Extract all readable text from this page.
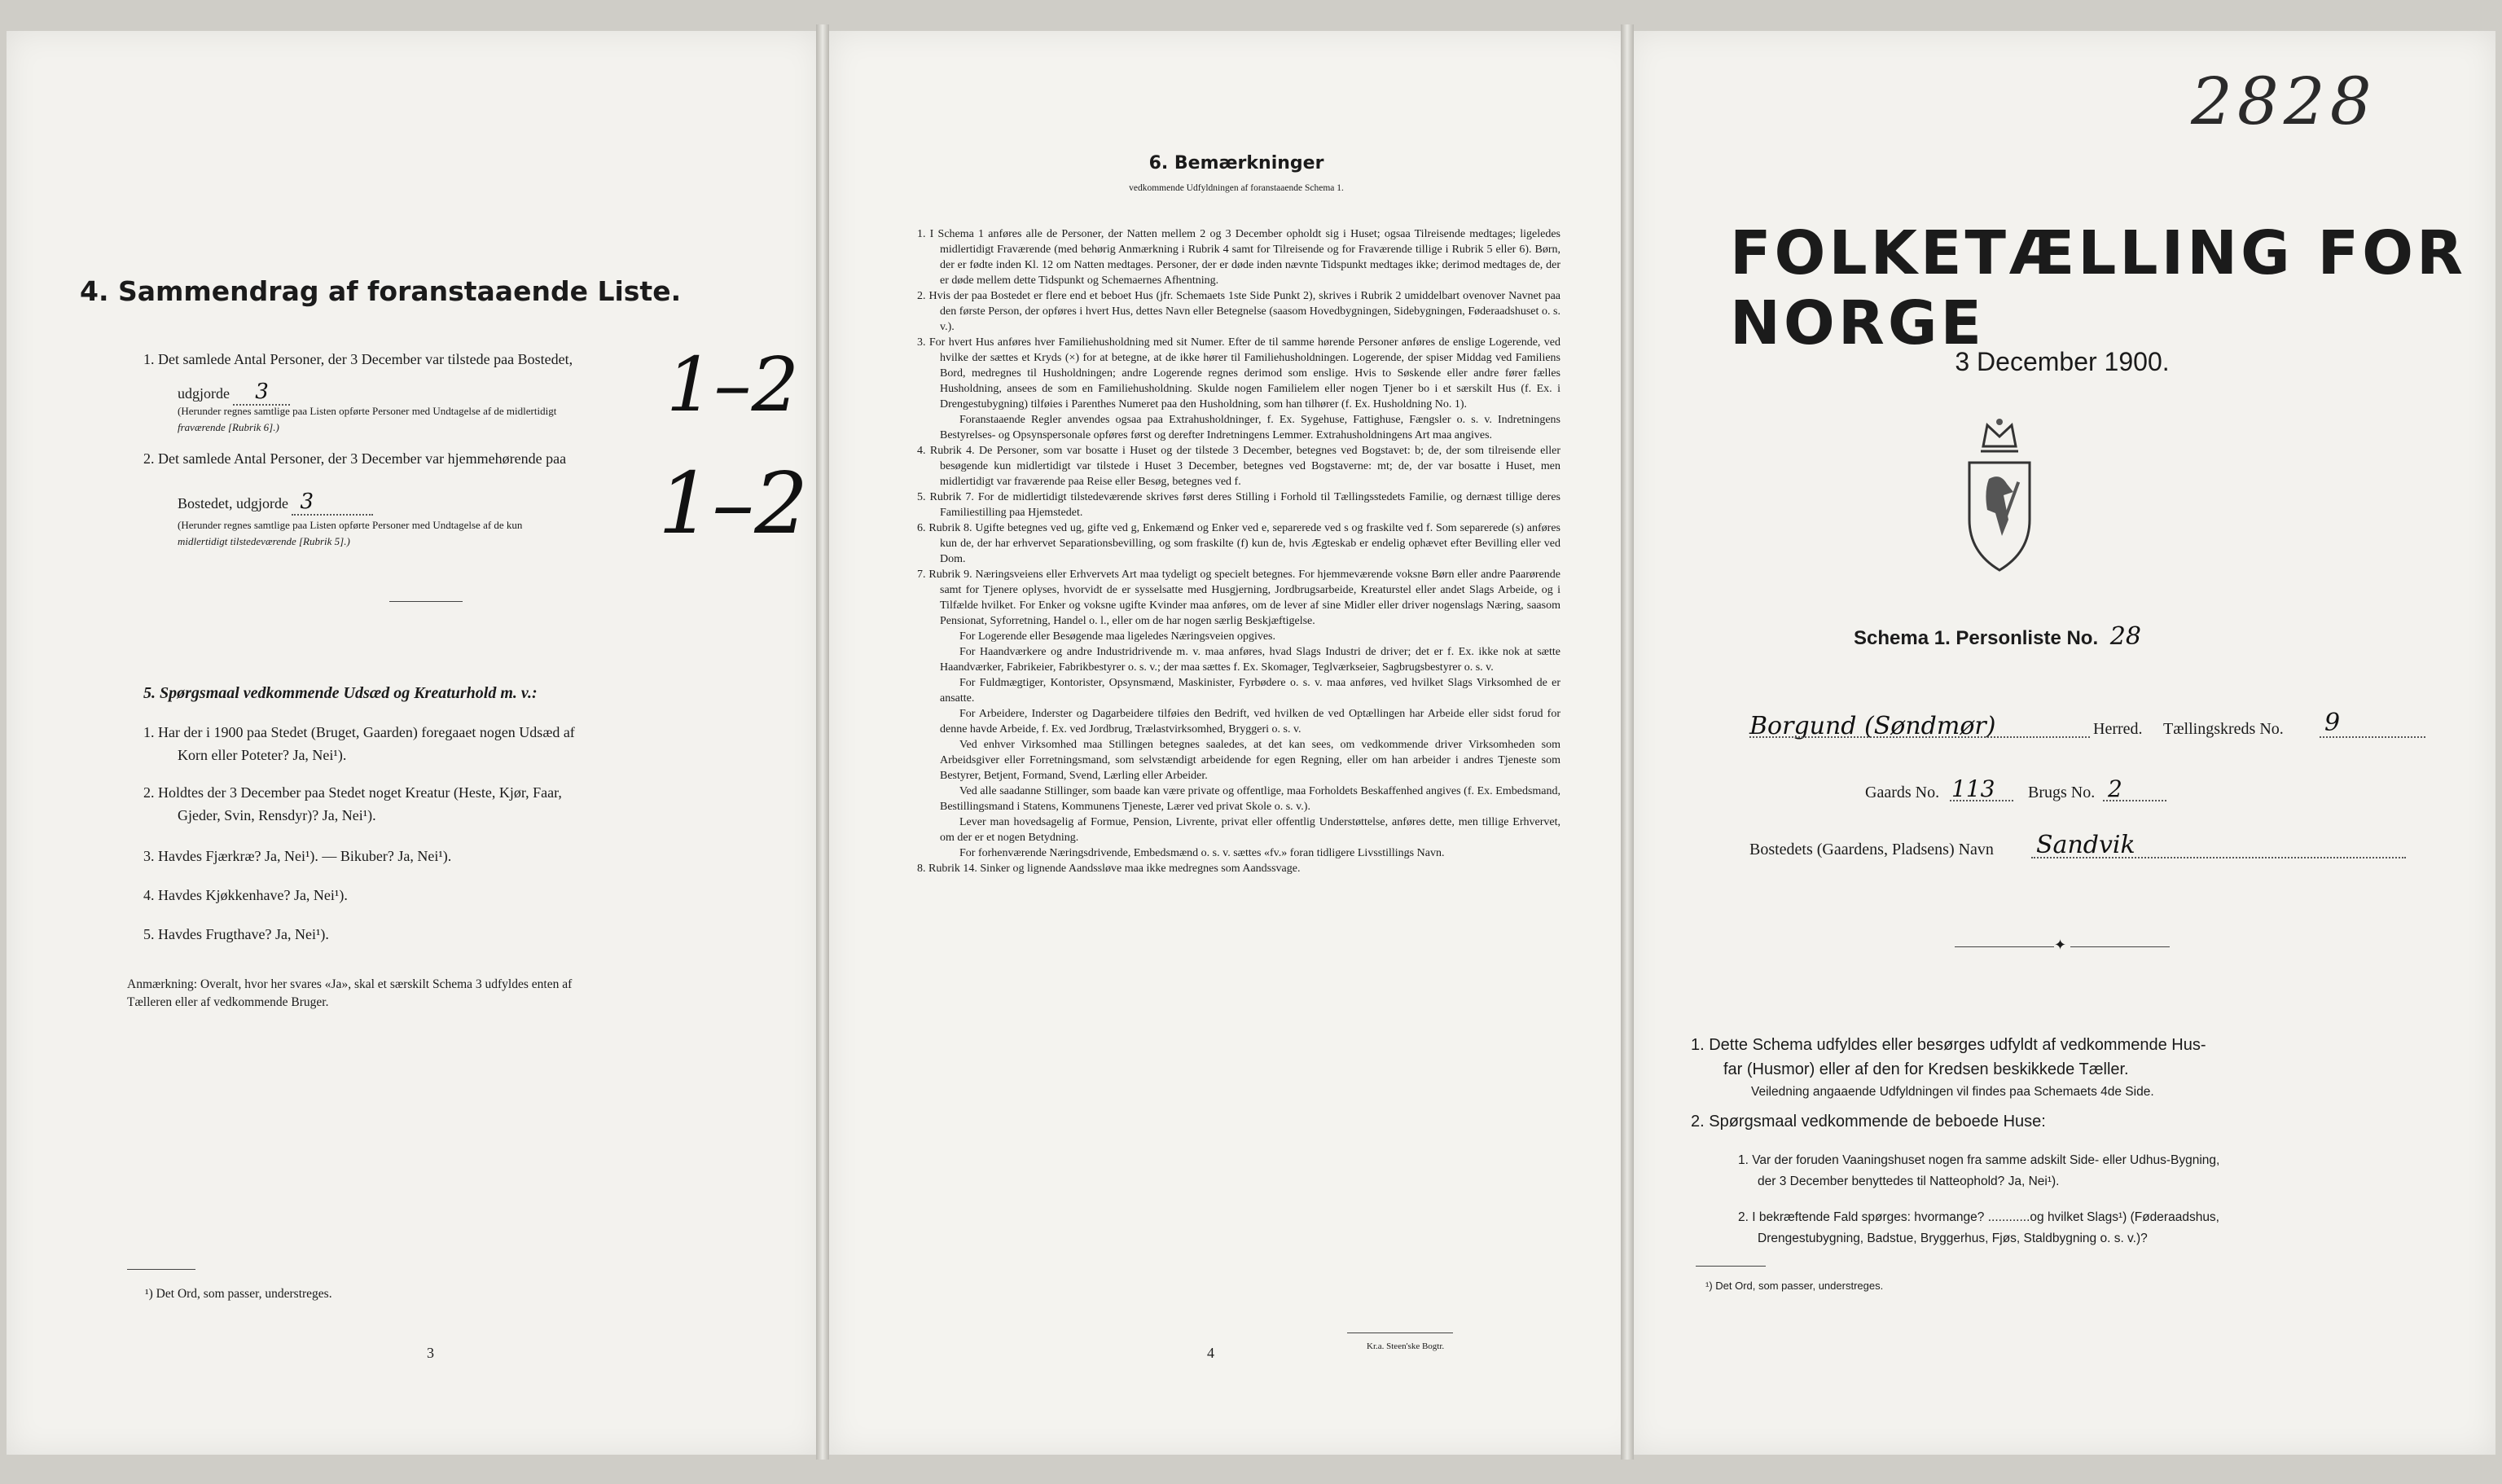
4. Sammendrag af foranstaaende Liste.
1. Det samlede Antal Personer, der 3 December var tilstede paa Bostedet,
udgjorde 3
(Herunder regnes samtlige paa Listen opførte Personer med Undtagelse af de midlertidigt
fraværende [Rubrik 6].)	1–2
2. Det samlede Antal Personer, der 3 December var hjemmehørende paa
Bostedet, udgjorde 3
(Herunder regnes samtlige paa Listen opførte Personer med Undtagelse af de kun
midlertidigt tilstedeværende [Rubrik 5].)	1–2
5. Spørgsmaal vedkommende Udsæd og Kreaturhold m. v.:
1. Har der i 1900 paa Stedet (Bruget, Gaarden) foregaaet nogen Udsæd af
Korn eller Poteter? Ja, Nei¹).
2. Holdtes der 3 December paa Stedet noget Kreatur (Heste, Kjør, Faar,
Gjeder, Svin, Rensdyr)? Ja, Nei¹).
3. Havdes Fjærkræ? Ja, Nei¹). — Bikuber? Ja, Nei¹).
4. Havdes Kjøkkenhave? Ja, Nei¹).
5. Havdes Frugthave? Ja, Nei¹).
Anmærkning: Overalt, hvor her svares «Ja», skal et særskilt Schema 3 udfyldes enten af
Tælleren eller af vedkommende Bruger.
¹) Det Ord, som passer, understreges.
3
6. Bemærkninger
vedkommende Udfyldningen af foranstaaende Schema 1.

1. I Schema 1 anføres alle de Personer, der Natten mellem 2 og 3 December opholdt sig i Huset; ogsaa Tilreisende medtages; ligeledes midlertidigt Fraværende (med behørig Anmærkning i Rubrik 4 samt for Tilreisende og for Fraværende tillige i Rubrik 5 eller 6). Børn, der er fødte inden Kl. 12 om Natten medtages. Personer, der er døde inden nævnte Tidspunkt medtages ikke; derimod medtages de, der er døde mellem dette Tidspunkt og Schemaernes Afhentning.

2. Hvis der paa Bostedet er flere end et beboet Hus (jfr. Schemaets 1ste Side Punkt 2), skrives i Rubrik 2 umiddelbart ovenover Navnet paa den første Person, der opføres i hvert Hus, dettes Navn eller Betegnelse (saasom Hovedbygningen, Sidebygningen, Føderaadshuset o. s. v.).

3. For hvert Hus anføres hver Familiehusholdning med sit Numer. Efter de til samme hørende Personer anføres de enslige Logerende, ved hvilke der sættes et Kryds (×) for at betegne, at de ikke hører til Familiehusholdningen. Logerende, der spiser Middag ved Familiens Bord, medregnes til Husholdningen; andre Logerende regnes derimod som enslige. Hvis to Søskende eller andre fører fælles Husholdning, ansees de som en Familiehusholdning. Skulde nogen Familielem eller nogen Tjener bo i et særskilt Hus (f. Ex. i Drengestubygning) tilføies i Parenthes Numeret paa den Husholdning, som han tilhører (f. Ex. Husholdning No. 1).

Foranstaaende Regler anvendes ogsaa paa Extrahusholdninger, f. Ex. Sygehuse, Fattighuse, Fængsler o. s. v. Indretningens Bestyrelses- og Opsynspersonale opføres først og derefter Indretningens Lemmer. Extrahusholdningens Art maa angives.

4. Rubrik 4. De Personer, som var bosatte i Huset og der tilstede 3 December, betegnes ved Bogstavet: b; de, der som tilreisende eller besøgende kun midlertidigt var tilstede i Huset 3 December, betegnes ved Bogstaverne: mt; de, der var bosatte i Huset, men midlertidigt var fraværende paa Reise eller Besøg, betegnes ved f.

5. Rubrik 7. For de midlertidigt tilstedeværende skrives først deres Stilling i Forhold til Tællingsstedets Familie, og dernæst tillige deres Familiestilling paa Hjemstedet.

6. Rubrik 8. Ugifte betegnes ved ug, gifte ved g, Enkemænd og Enker ved e, separerede ved s og fraskilte ved f. Som separerede (s) anføres kun de, der har erhvervet Separationsbevilling, og som fraskilte (f) kun de, hvis Ægteskab er endelig ophævet efter Bevilling eller ved Dom.

7. Rubrik 9. Næringsveiens eller Erhvervets Art maa tydeligt og specielt betegnes. For hjemmeværende voksne Børn eller andre Paarørende samt for Tjenere oplyses, hvorvidt de er sysselsatte med Husgjerning, Jordbrugsarbeide, Kreaturstel eller andet Slags Arbeide, og i Tilfælde hvilket. For Enker og voksne ugifte Kvinder maa anføres, om de lever af sine Midler eller driver nogenslags Næring, saasom Pensionat, Syforretning, Handel o. l., eller om de har nogen særlig Beskjæftigelse.

For Logerende eller Besøgende maa ligeledes Næringsveien opgives.

For Haandværkere og andre Industridrivende m. v. maa anføres, hvad Slags Industri de driver; det er f. Ex. ikke nok at sætte Haandværker, Fabrikeier, Fabrikbestyrer o. s. v.; der maa sættes f. Ex. Skomager, Teglværkseier, Sagbrugsbestyrer o. s. v.

For Fuldmægtiger, Kontorister, Opsynsmænd, Maskinister, Fyrbødere o. s. v. maa anføres, ved hvilket Slags Virksomhed de er ansatte.

For Arbeidere, Inderster og Dagarbeidere tilføies den Bedrift, ved hvilken de ved Optællingen har Arbeide eller sidst forud for denne havde Arbeide, f. Ex. ved Jordbrug, Trælastvirksomhed, Bryggeri o. s. v.

Ved enhver Virksomhed maa Stillingen betegnes saaledes, at det kan sees, om vedkommende driver Virksomheden som Arbeidsgiver eller Forretningsmand, som selvstændigt arbeidende for egen Regning, eller om han arbeider i andres Tjeneste som Bestyrer, Betjent, Formand, Svend, Lærling eller Arbeider.

Ved alle saadanne Stillinger, som baade kan være private og offentlige, maa Forholdets Beskaffenhed angives (f. Ex. Embedsmand, Bestillingsmand i Statens, Kommunens Tjeneste, Lærer ved privat Skole o. s. v.).

Lever man hovedsagelig af Formue, Pension, Livrente, privat eller offentlig Understøttelse, anføres dette, men tillige Erhvervet, om der er et nogen Betydning.

For forhenværende Næringsdrivende, Embedsmænd o. s. v. sættes «fv.» foran tidligere Livsstillings Navn.

8. Rubrik 14. Sinker og lignende Aandssløve maa ikke medregnes som Aandssvage.

4	Kr.a. Steen'ske Bogtr.
2828
FOLKETÆLLING FOR NORGE
3 December 1900.
Schema 1. Personliste No. 28
Borgund (Søndmør)	Herred. Tællingskreds No. 9
Gaards No. 113 Brugs No. 2
Bostedets (Gaardens, Pladsens) Navn Sandvik
✦
1. Dette Schema udfyldes eller besørges udfyldt af vedkommende Hus-
far (Husmor) eller af den for Kredsen beskikkede Tæller.
Veiledning angaaende Udfyldningen vil findes paa Schemaets 4de Side.
2. Spørgsmaal vedkommende de beboede Huse:
1. Var der foruden Vaaningshuset nogen fra samme adskilt Side- eller Udhus-Bygning,
der 3 December benyttedes til Natteophold? Ja, Nei¹).
2. I bekræftende Fald spørges: hvormange? ............og hvilket Slags¹) (Føderaadshus,
Drengestubygning, Badstue, Bryggerhus, Fjøs, Staldbygning o. s. v.)?
¹) Det Ord, som passer, understreges.
